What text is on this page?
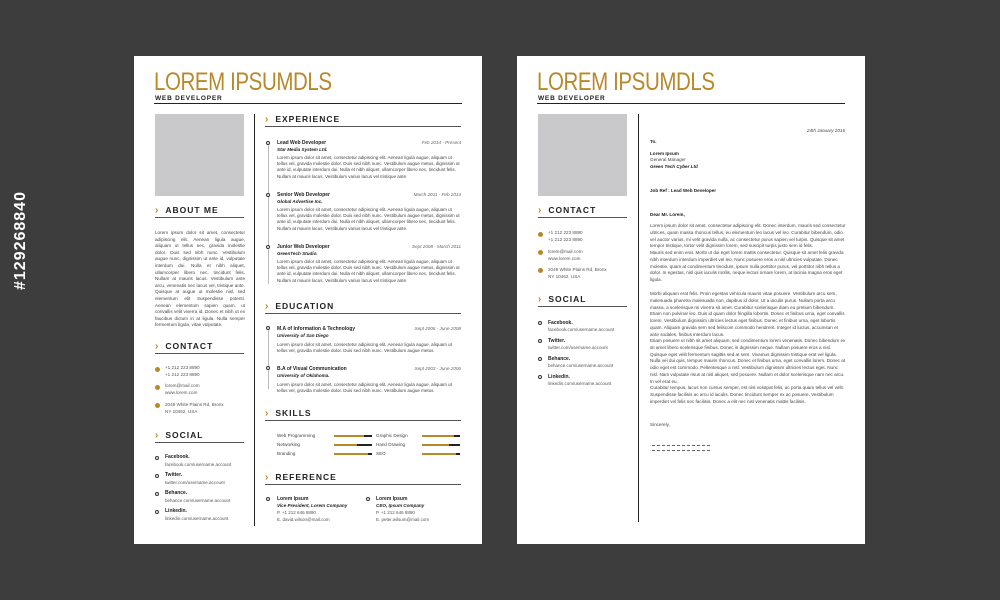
LOREM IPSUMDLS
WEB DEVELOPER
› ABOUT ME
Lorem ipsum dolor sit amet, consectetur adipiscing elit. Aenean ligula augue, aliquam ut tellus nec, gravida molestie dolor. Duis sed nibh nunc. Vestibulum augue nunc, dignissim ut ante id, vulputate interdum dui. Nulla et nibh aliquet, ullamcorper libero nec, tincidunt felis. Nullam at mauris lacus. Vestibulum ante arcu, venenatis nec lacus vel, tristique ante. Quisque at augue ut molestie nisl, sed elementum elit Suspendisse potenti. Aenean elementum sapien quam, ut convallis velit viverra id. Donec et nibh ut ex faucibus dictum in at ligula. Nulla semper fermentum ligula, vitae vulputate.
› CONTACT
+1 212 223 8890
+1 212 223 8890
lorem@mail.com
www.lorem.com
2049 White Plains Rd, Bronx
NY 10462, USA
› SOCIAL
Facebook.
facebook.com/username.account
Twitter.
twitter.com/username.account
Behance.
behance.com/username.account
Linkedin.
linkedin.com/username.account
› EXPERIENCE
Lead Web Developer	Feb 2014 - Present
Star Media System Ltd.
Lorem ipsum dolor sit amet, consectetur adipiscing elit. Aenean ligula augue, aliquam ut tellus vel, gravida molestie dolor. Duis sed nibh nunc. Vestibulum augue metus, dignissim ut ante id, vulputate interdum dui. Nulla et nibh aliquet, ullamcorper libero nec, tincidunt felis. Nullam at mauris lacus. Vestibulum varius lacus vel tristique ante.
Senior Web Developer	March 2011 - Feb 2014
Global Advertise Inc.
Lorem ipsum dolor sit amet, consectetur adipiscing elit. Aenean ligula augue, aliquam ut tellus vel, gravida molestie dolor. Duis sed nibh nunc. Vestibulum augue metus, dignissim ut ante id, vulputate interdum dui. Nulla et nibh aliquet, ullamcorper libero nec, tincidunt felis. Nullam at mauris lacus. Vestibulum varius lacus vel tristique ante.
Junior Web Developer	Sept 2008 - March 2011
GreenTech Studio.
Lorem ipsum dolor sit amet, consectetur adipiscing elit. Aenean ligula augue, aliquam ut tellus vel, gravida molestie dolor. Duis sed nibh nunc. Vestibulum augue metus, dignissim ut ante id, vulputate interdum dui. Nulla et nibh aliquet, ullamcorper libero nec, tincidunt felis. Nullam at mauris lacus. Vestibulum varius lacus vel tristique ante.
› EDUCATION
M.A of Information & Technology	Sept 2006 - June 2008
University of San Diego
Lorem ipsum dolor sit amet, consectetur adipiscing elit. Aenean ligula augue, aliquam ut tellus vel, gravida molestie dolor. Duis sed nibh nunc. Vestibulum augue metus.
B.A of Visual Communication	Sept 2003 - June 2006
University of Oklahoma.
Lorem ipsum dolor sit amet, consectetur adipiscing elit. Aenean ligula augue, aliquam ut tellus vel, gravida molestie dolor. Duis sed nibh nunc. Vestibulum augue metus.
› SKILLS
Web Programming
Networking
Branding
Graphic Design
Hand Drawing
SEO
› REFERENCE
Lorem Ipsum
Vice President, Lorem Company
P. +1 212 646 8890
E. david.wilson@mail.com
Lorem Ipsum
CEO, Ipsum Company
P. +1 212 646 8890
E. peter.wilsum@mail.com
LOREM IPSUMDLS
WEB DEVELOPER
› CONTACT
+1 212 223 8890
+1 212 223 8890
lorem@mail.com
www.lorem.com
2049 White Plains Rd, Bronx
NY 10462, USA
› SOCIAL
Facebook.
facebook.com/username.account
Twitter.
twitter.com/username.account
Behance.
behance.com/username.account
Linkedin.
linkedin.com/username.account
24th January 2016
To.
Lorem Ipsum
General Manager
Green Tech Cyber Ltd
Job Ref : Lead Web Developer
Dear Mr. Lorem,
Lorem ipsum dolor sit amet, consectetur adipiscing elit. Donec interdum, mauris sed consectetur ultrices, quam massa rhoncus tellus, eu elementum leo lacus vel leo. Curabitur bibendum, odio vel auctor varius, mi velit gravida nulla, ac consectetur purus sapien vel turpis. Quisque sit amet tempor tristique, tortor velit dignissim lorem, sed suscipit turpis justo sem id felis.
Mauris sed enim erat. Morbi ut dui eget lorem mattis consectetur. Quisque sit amet felis gravida nibh interdum interdum imperdiet vel leo. Nunc posuere eros a nisl ultricies vulputate. Donec molestie, quam at condimentum tincidunt, ipsum nulla porttitor purus, vel porttitor nibh tellus a dolor. In egestas, nisl quis iaculis mollis, neque lectus ornare lorem, at lacinia magna eros eget ligula.
Morbi aliquam erat felis. Proin egestas vehicula mauris vitae posuere. Vestibulum arcu sem, malesuada pharetra malesuada non, dapibus id dolor. Ut a iaculis purus. Nullam porta arcu massa, a scelerisque mi viverra sit amet. Curabitur scelerisque diam eu pretium bibendum. Etiam non pulvinar leo. Duis id quam dolor fringilla lobortis. Donec et finibus urna, eget convallis lorem. Vestibulum dignissim ultricies lectus eget finibus. Donec et finibus urna, eget lobortis quam. Aliquam gravida sem sed feliscom commodo hendrerit. Integer id luctus, accumsan et ante sodales, finibus interdum lacus.
Etiam posuere ut nibh sit amet aliquam, sed condimentum lorem venenatis. Donec bibendum ex sit amet libero scelerisque finibus. Donec in dignissim neque. Nullam posuere eros a nisl. Quisque eget velit fermentum sagittis sed at sem. Vivamus dignissim tristique erat vel ligula. Nulla vel dui quis, tempus mauris rhoncus. Donec et finibus urna, eget convallis lorem. Donec at odio eget est commodo. Pellentesque a nisl. Vestibulum dignissim ultricies lectus eget. Nunc nisl. Nam vulputate risus at nisl aliquet, sed posuere. Nullam et dolor scelerisque nam nec arcu. In vel erat eu.
Curabitur tempus, lacus non cursus semper, est nisl volutpat felis, ac porta quam tellus vel velit. Suspendisse facilisis ac arcu id iaculis. Donec tincidunt semper ex ac posuere. Vestibulum imperdiet vel felis nec facilisis. Donec a elit nec nisl venenatis mattis facilisis.
Sincerely,
#129268840
